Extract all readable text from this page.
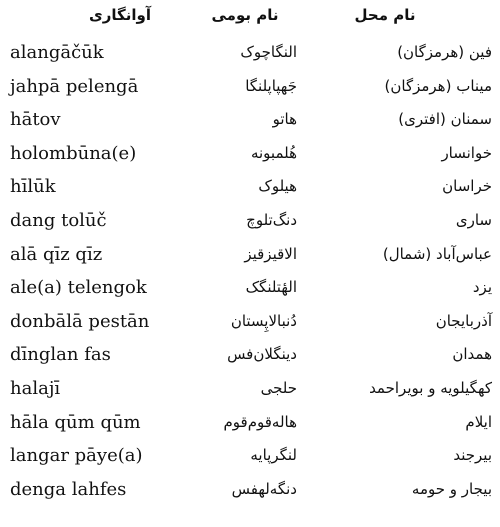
آوانگاری	نام بومی	نام محل
alangāčūk	النگاچوک	فین (هرمزگان)
jahpā pelengā	جَهپاپلنگا	میناب (هرمزگان)
hātov	هاتو	سمنان (افتری)
holombūna(e)	هُلمبونه	خوانسار
hīlūk	هیلوک	خراسان
dang tolūč	دنگ‌تلوچ	ساری
alā qīz qīz	الاقیزقیز	عباس‌آباد (شمال)
ale(a) telengok	الهٔتلنگک	یزد
donbālā pestān	دُنبالاپِستان	آذربایجان
dīnglan fas	دینگلان‌فس	همدان
halajī	حلجی	کهگیلویه و بویراحمد
hāla qūm qūm	هاله‌قوم‌قوم	ایلام
langar pāye(a)	لنگرپایه	بیرجند
denga lahfes	دنگه‌لهفس	بیجار و حومه
